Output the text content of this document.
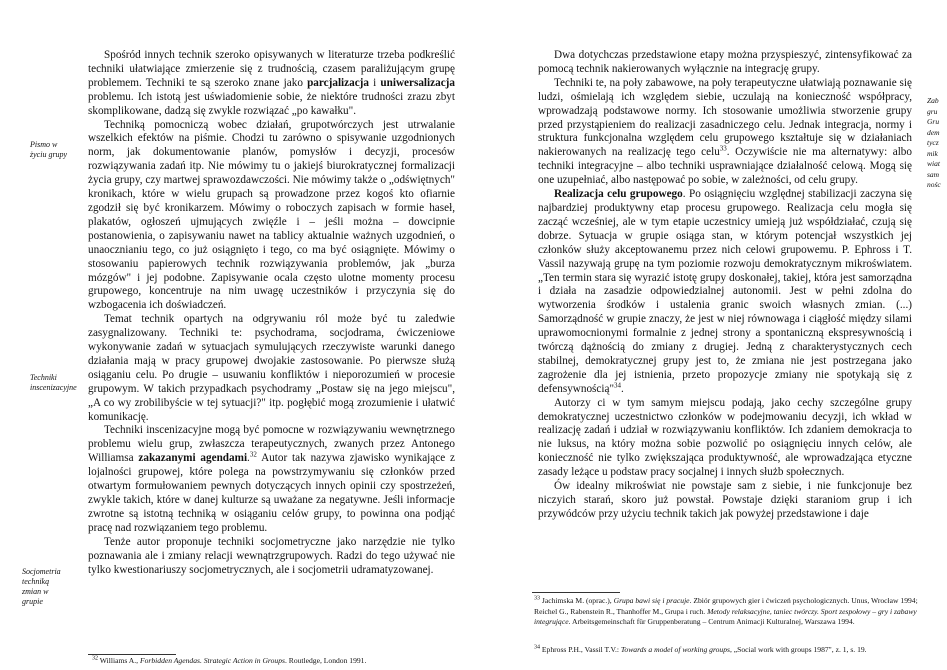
Pismo w życiu grupy
Techniki inscenizacyjne
Socjometria techniką zmian w grupie

Spośród innych technik szeroko opisywanych w literaturze trzeba podkreślić techniki ułatwiające zmierzenie się z trudnością, czasem paraliżującym grupę problemem. Techniki te są szeroko znane jako parcjalizacja i uniwersalizacja problemu. Ich istotą jest uświadomienie sobie, że niektóre trudności zrazu zbyt skomplikowane, dadzą się zwykle rozwiązać „po kawałku".

Techniką pomocniczą wobec działań, grupotwórczych jest utrwalanie wszelkich efektów na piśmie. Chodzi tu zarówno o spisywanie uzgodnionych norm, jak dokumentowanie planów, pomysłów i decyzji, procesów rozwiązywania zadań itp. Nie mówimy tu o jakiejś biurokratycznej formalizacji życia grupy, czy martwej sprawozdawczości. Nie mówimy także o „odświętnych" kronikach, które w wielu grupach są prowadzone przez kogoś kto ofiarnie zgodził się być kronikarzem. Mówimy o roboczych zapisach w formie haseł, plakatów, ogłoszeń ujmujących zwięźle i – jeśli można – dowcipnie postanowienia, o zapisywaniu nawet na tablicy aktualnie ważnych uzgodnień, o unaocznianiu tego, co już osiągnięto i tego, co ma być osiągnięte. Mówimy o stosowaniu papierowych technik rozwiązywania problemów, jak „burza mózgów" i jej podobne. Zapisywanie ocala często ulotne momenty procesu grupowego, koncentruje na nim uwagę uczestników i przyczynia się do wzbogacenia ich doświadczeń.

Temat technik opartych na odgrywaniu ról może być tu zaledwie zasygnalizowany. Techniki te: psychodrama, socjodrama, ćwiczeniowe wykonywanie zadań w sytuacjach symulujących rzeczywiste warunki danego działania mają w pracy grupowej dwojakie zastosowanie. Po pierwsze służą osiąganiu celu. Po drugie – usuwaniu konfliktów i nieporozumień w procesie grupowym. W takich przypadkach psychodramy „Postaw się na jego miejscu", „A co wy zrobilibyście w tej sytuacji?" itp. pogłębić mogą zrozumienie i ułatwić komunikację.

Techniki inscenizacyjne mogą być pomocne w rozwiązywaniu wewnętrznego problemu wielu grup, zwłaszcza terapeutycznych, zwanych przez Antonego Williamsa zakazanymi agendami.$^{32}$ Autor tak nazywa zjawisko wynikające z lojalności grupowej, które polega na powstrzymywaniu się członków przed otwartym formułowaniem pewnych dotyczących innych opinii czy spostrzeżeń, zwykle takich, które w danej kulturze są uważane za negatywne. Jeśli informacje zwrotne są istotną techniką w osiąganiu celów grupy, to powinna ona podjąć pracę nad rozwiązaniem tego problemu.

Tenże autor proponuje techniki socjometryczne jako narzędzie nie tylko poznawania ale i zmiany relacji wewnątrzgrupowych. Radzi do tego używać nie tylko kwestionariuszy socjometrycznych, ale i socjometrii udramatyzowanej.

$^{32}$ Williams A., Forbidden Agendas. Strategic Action in Groups. Routledge, London 1991.

Dwa dotychczas przedstawione etapy można przyspieszyć, zintensyfikować za pomocą technik nakierowanych wyłącznie na integrację grupy.

Techniki te, na poły zabawowe, na poły terapeutyczne ułatwiają poznawanie się ludzi, ośmielają ich względem siebie, uczulają na konieczność współpracy, wprowadzają podstawowe normy. Ich stosowanie umożliwia stworzenie grupy przed przystąpieniem do realizacji zasadniczego celu. Jednak integracja, normy i struktura funkcjonalna względem celu grupowego kształtuje się w działaniach nakierowanych na realizację tego celu$^{33}$. Oczywiście nie ma alternatywy: albo techniki integracyjne – albo techniki usprawniające działalność celową. Mogą się one uzupełniać, albo następować po sobie, w zależności, od celu grupy.

Realizacja celu grupowego. Po osiągnięciu względnej stabilizacji zaczyna się najbardziej produktywny etap procesu grupowego. Realizacja celu mogła się zacząć wcześniej, ale w tym etapie uczestnicy umieją już współdziałać, czują się dobrze. Sytuacja w grupie osiąga stan, w którym potencjał wszystkich jej członków służy akceptowanemu przez nich celowi grupowemu. P. Ephross i T. Vassil nazywają grupę na tym poziomie rozwoju demokratycznym mikroświatem. „Ten termin stara się wyrazić istotę grupy doskonałej, takiej, która jest samorządna i działa na zasadzie odpowiedzialnej autonomii. Jest w pełni zdolna do wytworzenia środków i ustalenia granic swoich własnych zmian. (...) Samorządność w grupie znaczy, że jest w niej równowaga i ciągłość między silami uprawomocnionymi formalnie z jednej strony a spontaniczną ekspresywnością i twórczą dążnością do zmiany z drugiej. Jedną z charakterystycznych cech stabilnej, demokratycznej grupy jest to, że zmiana nie jest postrzegana jako zagrożenie dla jej istnienia, przeto propozycje zmiany nie spotykają się z defensywnością"$^{34}$.

Autorzy ci w tym samym miejscu podają, jako cechy szczególne grupy demokratycznej uczestnictwo członków w podejmowaniu decyzji, ich wkład w realizację zadań i udział w rozwiązywaniu konfliktów. Ich zdaniem demokracja to nie luksus, na który można sobie pozwolić po osiągnięciu innych celów, ale konieczność nie tylko zwiększająca produktywność, ale wprowadzająca etyczne zasady leżące u podstaw pracy socjalnej i innych służb społecznych.

Ów idealny mikroświat nie powstaje sam z siebie, i nie funkcjonuje bez niczyich starań, skoro już powstał. Powstaje dzięki staraniom grup i ich przywódców przy użyciu technik takich jak powyżej przedstawione i daje

$^{33}$ Jachimska M. (oprac.), Grupa bawi się i pracuje. Zbiór grupowych gier i ćwiczeń psychologicznych. Unus, Wrocław 1994; Reichel G., Rabenstein R., Thanhoffer M., Grupa i ruch. Metody relaksacyjne, taniec twórczy. Sport zespołowy – gry i zabawy integrujące. Arbeitsgemeinschaft für Gruppenberatung – Centrum Animacji Kulturalnej, Warszawa 1994.
$^{34}$ Ephross P.H., Vassil T.V.: Towards a model of working groups, „Social work with groups 1987", z. 1, s. 19.
Zab gru Gru dem tycz mik wiat sam nośc
